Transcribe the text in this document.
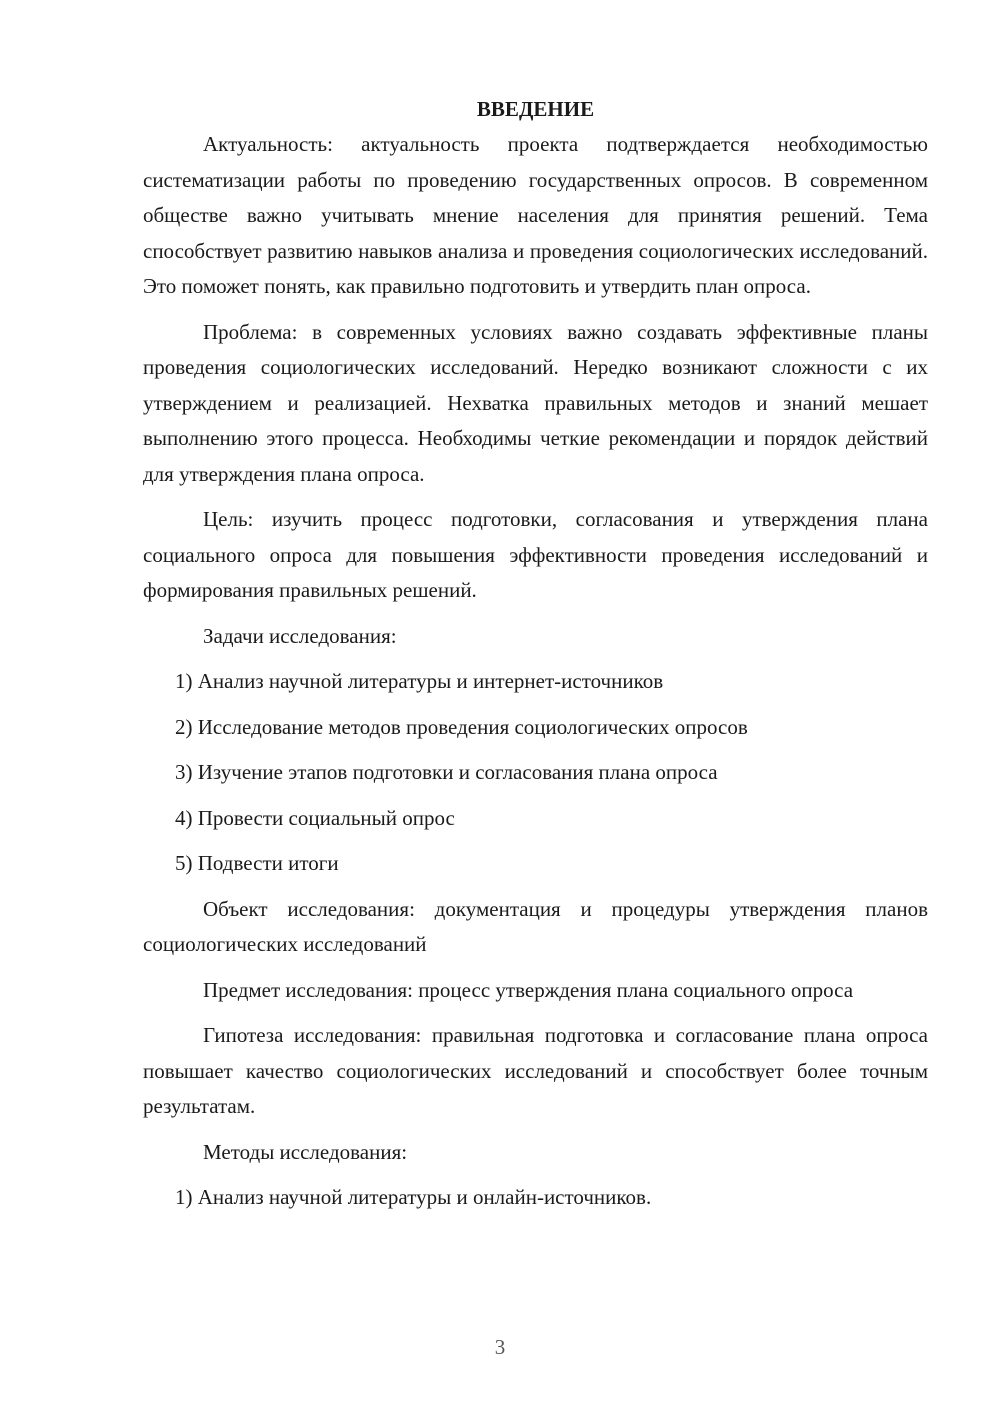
ВВЕДЕНИЕ

Актуальность: актуальность проекта подтверждается необходимостью систематизации работы по проведению государственных опросов. В современном обществе важно учитывать мнение населения для принятия решений. Тема способствует развитию навыков анализа и проведения социологических исследований. Это поможет понять, как правильно подготовить и утвердить план опроса.

Проблема: в современных условиях важно создавать эффективные планы проведения социологических исследований. Нередко возникают сложности с их утверждением и реализацией. Нехватка правильных методов и знаний мешает выполнению этого процесса. Необходимы четкие рекомендации и порядок действий для утверждения плана опроса.

Цель: изучить процесс подготовки, согласования и утверждения плана социального опроса для повышения эффективности проведения исследований и формирования правильных решений.

Задачи исследования:

1) Анализ научной литературы и интернет-источников

2) Исследование методов проведения социологических опросов

3) Изучение этапов подготовки и согласования плана опроса

4) Провести социальный опрос

5) Подвести итоги

Объект исследования: документация и процедуры утверждения планов социологических исследований

Предмет исследования: процесс утверждения плана социального опроса

Гипотеза исследования: правильная подготовка и согласование плана опроса повышает качество социологических исследований и способствует более точным результатам.

Методы исследования:

1) Анализ научной литературы и онлайн-источников.

3
